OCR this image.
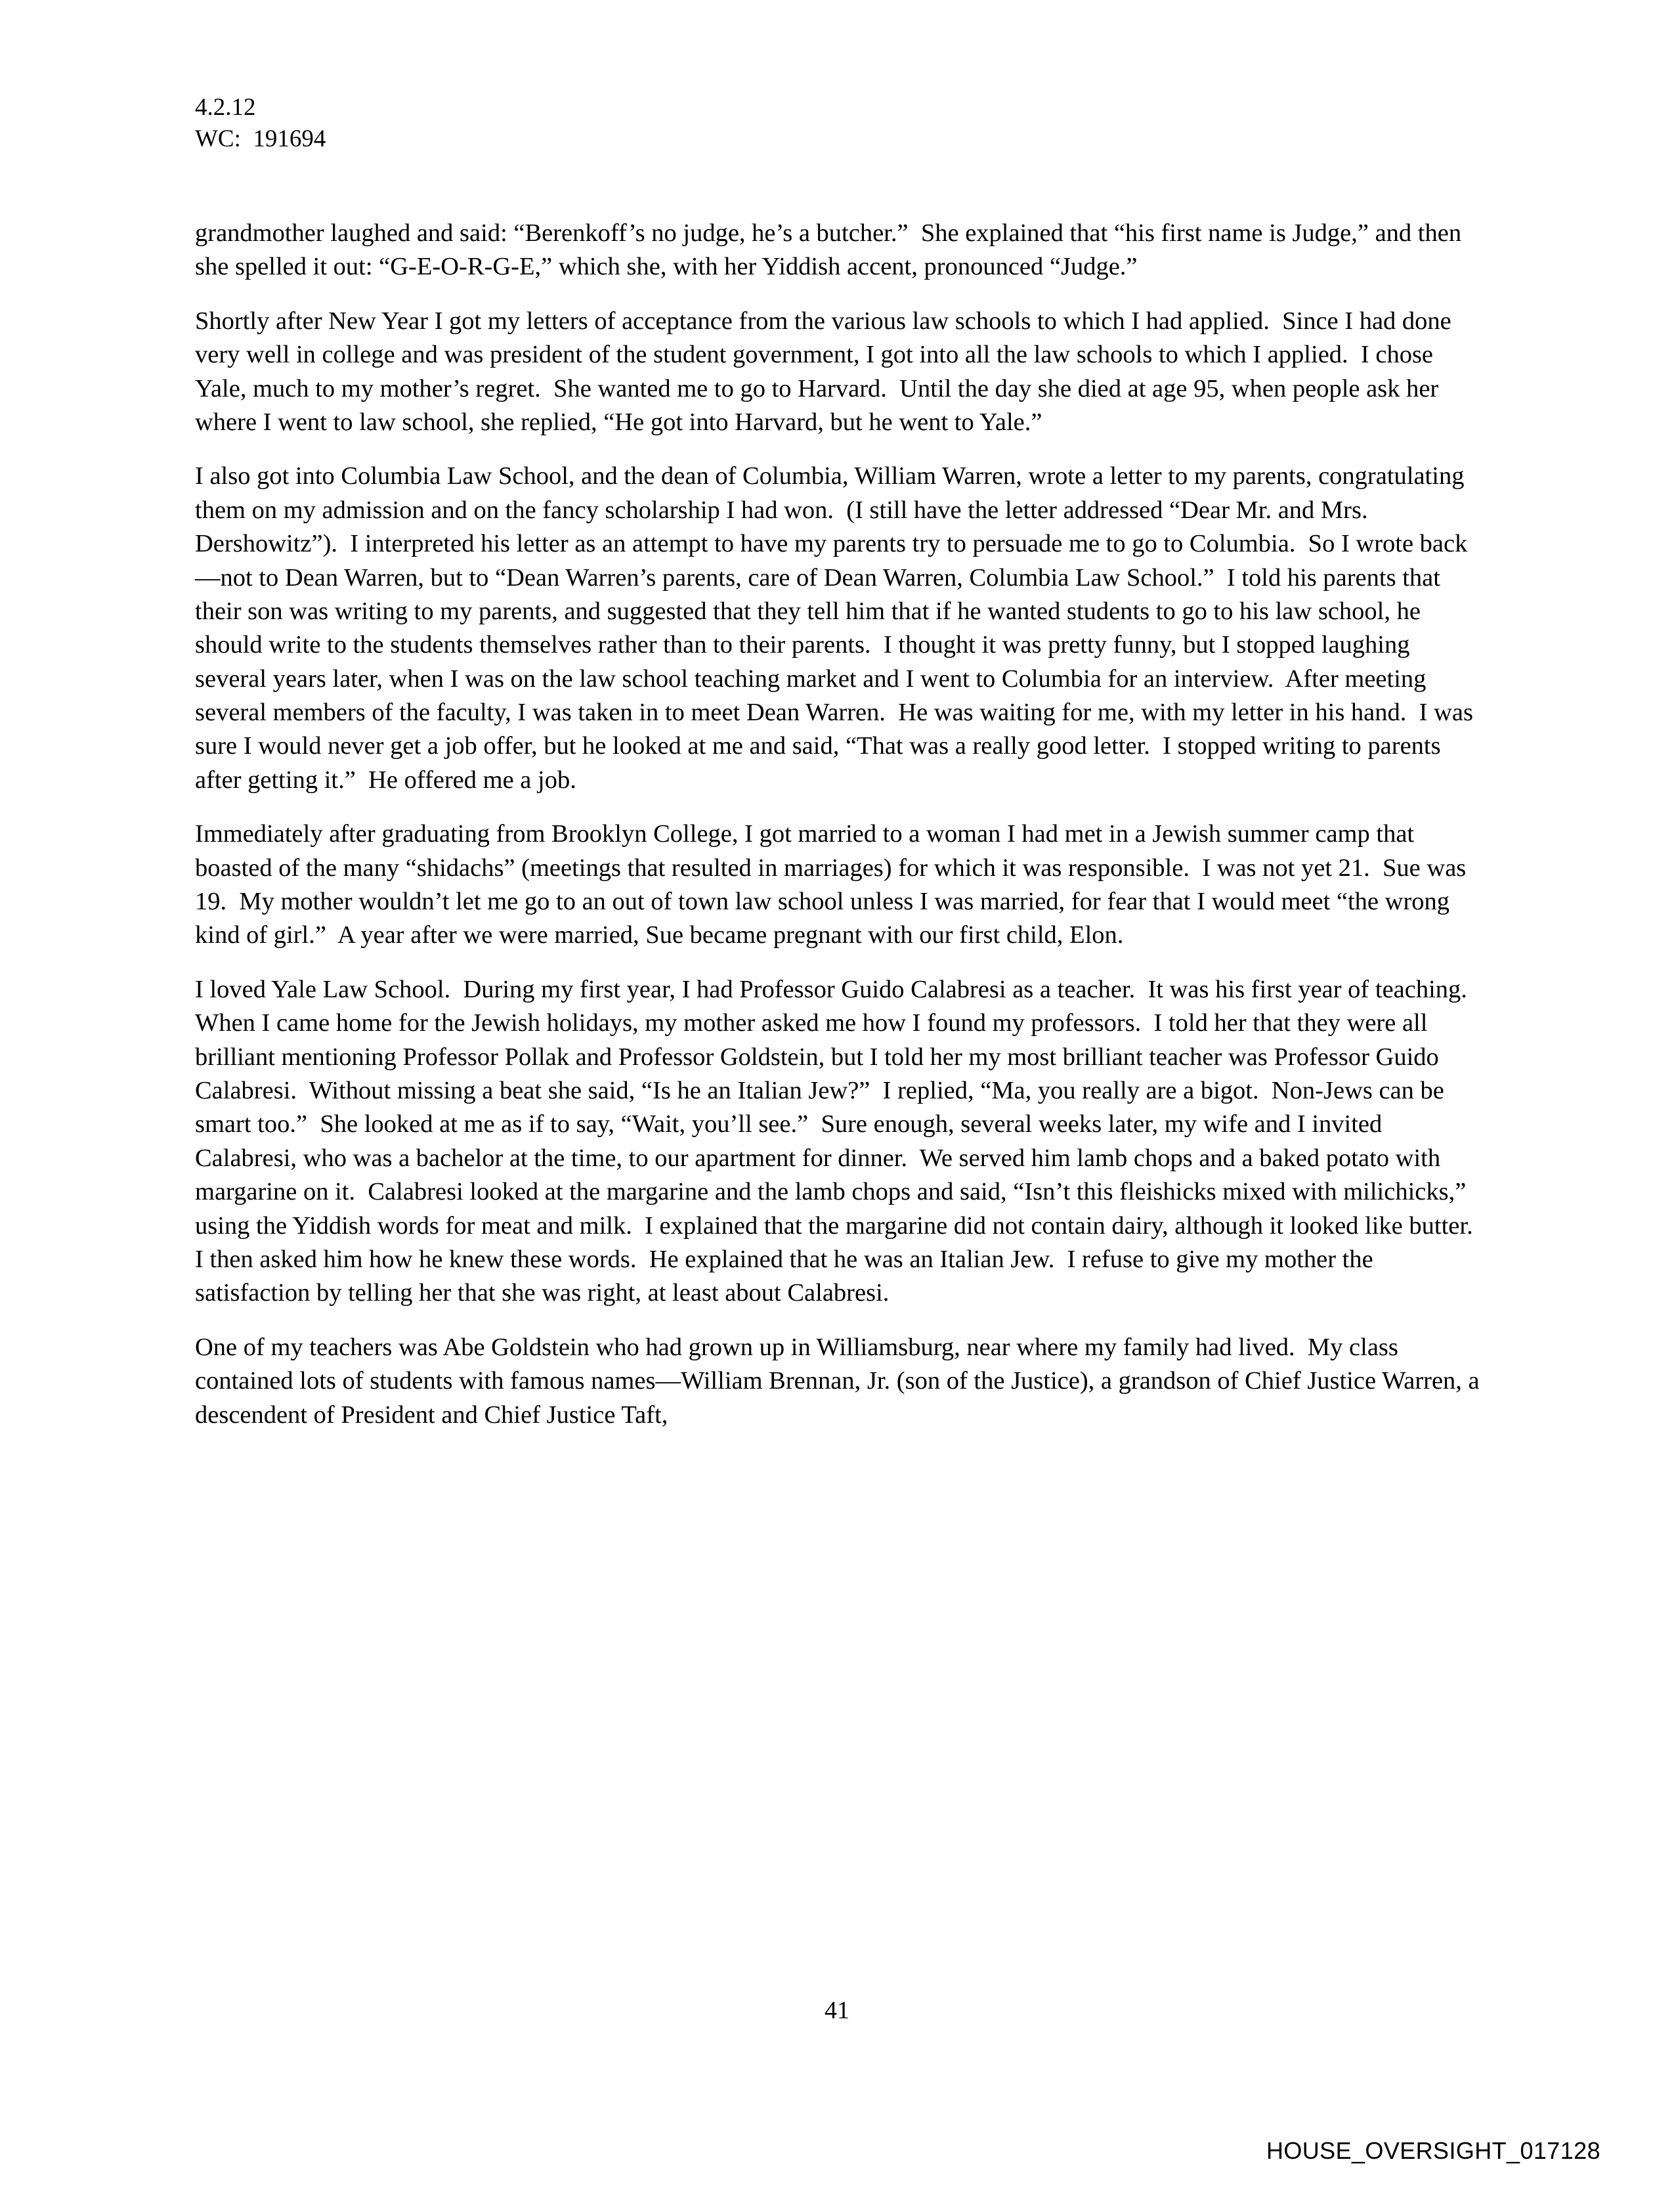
4.2.12
WC:  191694

grandmother laughed and said: “Berenkoff’s no judge, he’s a butcher.”  She explained that “his first name is Judge,” and then she spelled it out: “G-E-O-R-G-E,” which she, with her Yiddish accent, pronounced “Judge.”

Shortly after New Year I got my letters of acceptance from the various law schools to which I had applied.  Since I had done very well in college and was president of the student government, I got into all the law schools to which I applied.  I chose Yale, much to my mother’s regret.  She wanted me to go to Harvard.  Until the day she died at age 95, when people ask her where I went to law school, she replied, “He got into Harvard, but he went to Yale.”

I also got into Columbia Law School, and the dean of Columbia, William Warren, wrote a letter to my parents, congratulating them on my admission and on the fancy scholarship I had won.  (I still have the letter addressed “Dear Mr. and Mrs. Dershowitz”).  I interpreted his letter as an attempt to have my parents try to persuade me to go to Columbia.  So I wrote back—not to Dean Warren, but to “Dean Warren’s parents, care of Dean Warren, Columbia Law School.”  I told his parents that their son was writing to my parents, and suggested that they tell him that if he wanted students to go to his law school, he should write to the students themselves rather than to their parents.  I thought it was pretty funny, but I stopped laughing several years later, when I was on the law school teaching market and I went to Columbia for an interview.  After meeting several members of the faculty, I was taken in to meet Dean Warren.  He was waiting for me, with my letter in his hand.  I was sure I would never get a job offer, but he looked at me and said, “That was a really good letter.  I stopped writing to parents after getting it.”  He offered me a job.

Immediately after graduating from Brooklyn College, I got married to a woman I had met in a Jewish summer camp that boasted of the many “shidachs” (meetings that resulted in marriages) for which it was responsible.  I was not yet 21.  Sue was 19.  My mother wouldn’t let me go to an out of town law school unless I was married, for fear that I would meet “the wrong kind of girl.”  A year after we were married, Sue became pregnant with our first child, Elon.

I loved Yale Law School.  During my first year, I had Professor Guido Calabresi as a teacher.  It was his first year of teaching.  When I came home for the Jewish holidays, my mother asked me how I found my professors.  I told her that they were all brilliant mentioning Professor Pollak and Professor Goldstein, but I told her my most brilliant teacher was Professor Guido Calabresi.  Without missing a beat she said, “Is he an Italian Jew?”  I replied, “Ma, you really are a bigot.  Non-Jews can be smart too.”  She looked at me as if to say, “Wait, you’ll see.”  Sure enough, several weeks later, my wife and I invited Calabresi, who was a bachelor at the time, to our apartment for dinner.  We served him lamb chops and a baked potato with margarine on it.  Calabresi looked at the margarine and the lamb chops and said, “Isn’t this fleishicks mixed with milichicks,” using the Yiddish words for meat and milk.  I explained that the margarine did not contain dairy, although it looked like butter.  I then asked him how he knew these words.  He explained that he was an Italian Jew.  I refuse to give my mother the satisfaction by telling her that she was right, at least about Calabresi.

One of my teachers was Abe Goldstein who had grown up in Williamsburg, near where my family had lived.  My class contained lots of students with famous names—William Brennan, Jr. (son of the Justice), a grandson of Chief Justice Warren, a descendent of President and Chief Justice Taft,

41
HOUSE_OVERSIGHT_017128
